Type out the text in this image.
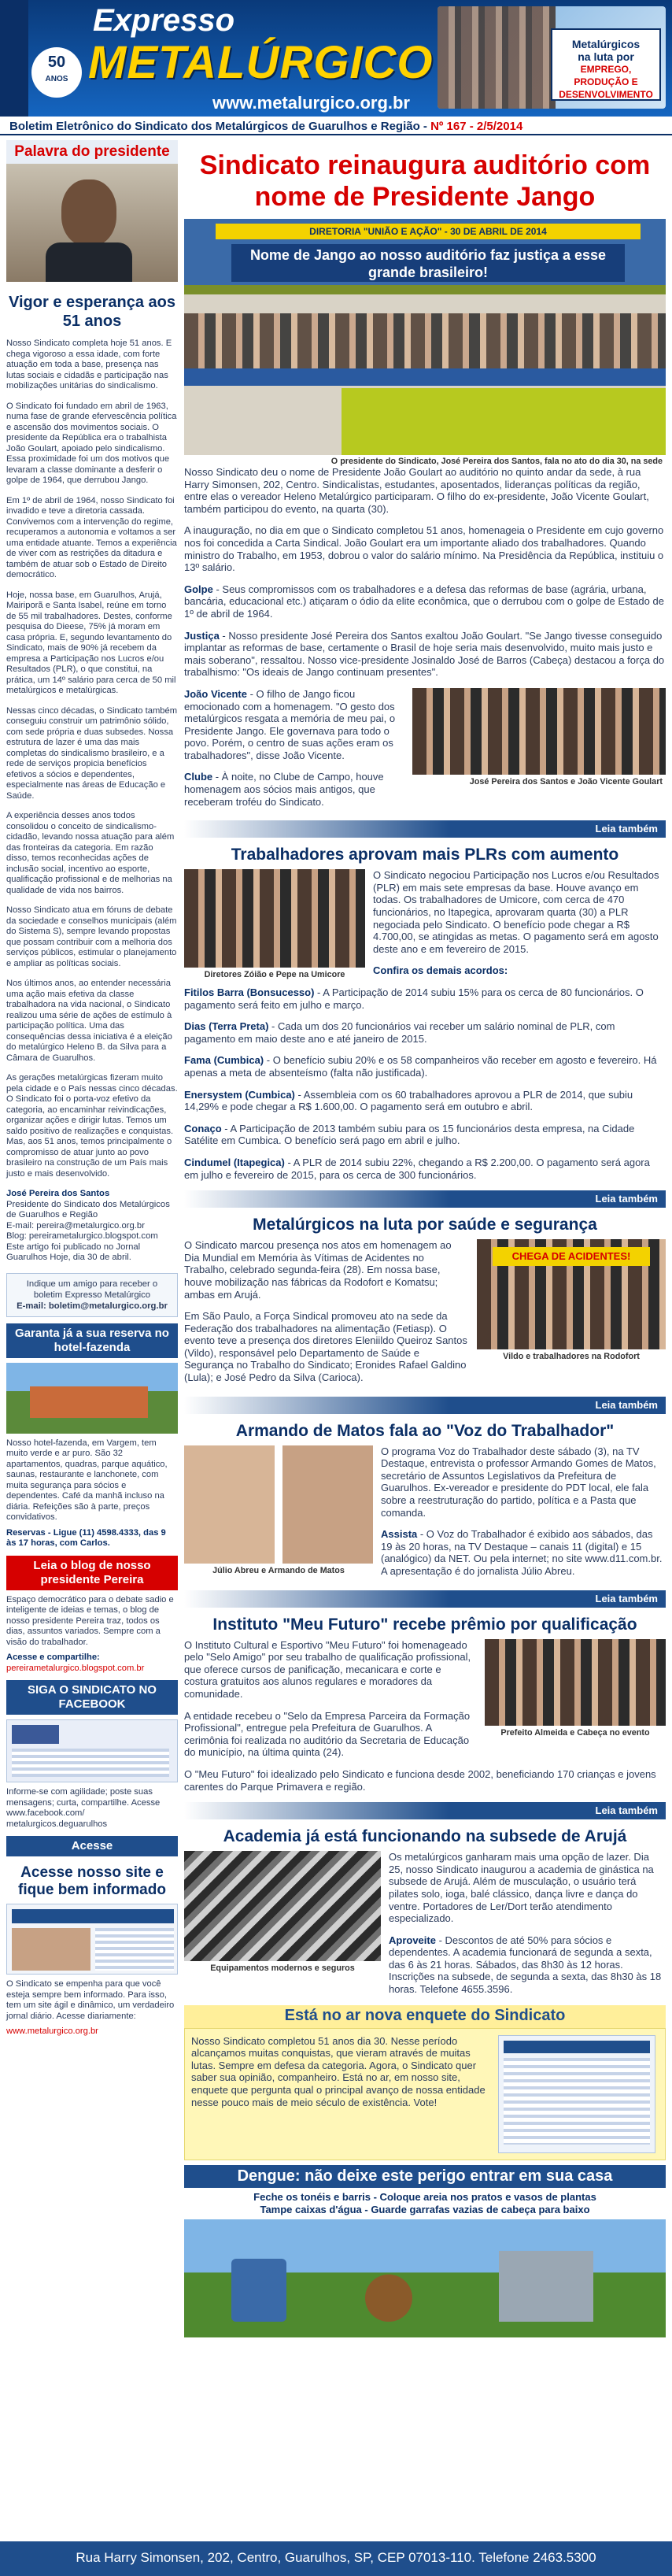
50
ANOS
Expresso
METALÚRGICO
www.metalurgico.org.br
Metalúrgicos
na luta por
EMPREGO, PRODUÇÃO E DESENVOLVIMENTO
Boletim Eletrônico do Sindicato dos Metalúrgicos de Guarulhos e Região - Nº 167 - 2/5/2014
Palavra do presidente
Vigor e esperança aos 51 anos

Nosso Sindicato completa hoje 51 anos. E chega vigoroso a essa idade, com forte atuação em toda a base, presença nas lutas sociais e cidadãs e participação nas mobilizações unitárias do sindicalismo.

O Sindicato foi fundado em abril de 1963, numa fase de grande efervescência política e ascensão dos movimentos sociais. O presidente da República era o trabalhista João Goulart, apoiado pelo sindicalismo. Essa proximidade foi um dos motivos que levaram a classe dominante a desferir o golpe de 1964, que derrubou Jango.

Em 1º de abril de 1964, nosso Sindicato foi invadido e teve a diretoria cassada. Convivemos com a intervenção do regime, recuperamos a autonomia e voltamos a ser uma entidade atuante. Temos a experiência de viver com as restrições da ditadura e também de atuar sob o Estado de Direito democrático.

Hoje, nossa base, em Guarulhos, Arujá, Mairiporã e Santa Isabel, reúne em torno de 55 mil trabalhadores. Destes, conforme pesquisa do Dieese, 75% já moram em casa própria. E, segundo levantamento do Sindicato, mais de 90% já recebem da empresa a Participação nos Lucros e/ou Resultados (PLR), o que constitui, na prática, um 14º salário para cerca de 50 mil metalúrgicos e metalúrgicas.

Nessas cinco décadas, o Sindicato também conseguiu construir um patrimônio sólido, com sede própria e duas subsedes. Nossa estrutura de lazer é uma das mais completas do sindicalismo brasileiro, e a rede de serviços propicia benefícios efetivos a sócios e dependentes, especialmente nas áreas de Educação e Saúde.

A experiência desses anos todos consolidou o conceito de sindicalismo-cidadão, levando nossa atuação para além das fronteiras da categoria. Em razão disso, temos reconhecidas ações de inclusão social, incentivo ao esporte, qualificação profissional e de melhorias na qualidade de vida nos bairros.

Nosso Sindicato atua em fóruns de debate da sociedade e conselhos municipais (além do Sistema S), sempre levando propostas que possam contribuir com a melhoria dos serviços públicos, estimular o planejamento e ampliar as políticas sociais.

Nos últimos anos, ao entender necessária uma ação mais efetiva da classe trabalhadora na vida nacional, o Sindicato realizou uma série de ações de estímulo à participação política. Uma das consequências dessa iniciativa é a eleição do metalúrgico Heleno B. da Silva para a Câmara de Guarulhos.

As gerações metalúrgicas fizeram muito pela cidade e o País nessas cinco décadas. O Sindicato foi o porta-voz efetivo da categoria, ao encaminhar reivindicações, organizar ações e dirigir lutas. Temos um saldo positivo de realizações e conquistas. Mas, aos 51 anos, temos principalmente o compromisso de atuar junto ao povo brasileiro na construção de um País mais justo e mais desenvolvido.

José Pereira dos Santos
Presidente do Sindicato dos Metalúrgicos de Guarulhos e Região
E-mail: pereira@metalurgico.org.br
Blog: pereirametalurgico.blogspot.com
Este artigo foi publicado no Jornal Guarulhos Hoje, dia 30 de abril.
Indique um amigo para receber o boletim Expresso Metalúrgico
E-mail: boletim@metalurgico.org.br
Garanta já a sua reserva no hotel-fazenda

Nosso hotel-fazenda, em Vargem, tem muito verde e ar puro. São 32 apartamentos, quadras, parque aquático, saunas, restaurante e lanchonete, com muita segurança para sócios e dependentes. Café da manhã incluso na diária. Refeições são à parte, preços convidativos.

Reservas - Ligue (11) 4598.4333, das 9 às 17 horas, com Carlos.

Leia o blog de nosso presidente Pereira

Espaço democrático para o debate sadio e inteligente de ideias e temas, o blog de nosso presidente Pereira traz, todos os dias, assuntos variados. Sempre com a visão do trabalhador.

Acesse e compartilhe:
pereirametalurgico.blogspot.com.br

SIGA O SINDICATO NO FACEBOOK
Informe-se com agilidade; poste suas mensagens; curta, compartilhe. Acesse www.facebook.com/ metalurgicos.deguarulhos
Acesse
Acesse nosso site e fique bem informado

O Sindicato se empenha para que você esteja sempre bem informado. Para isso, tem um site ágil e dinâmico, um verdadeiro jornal diário. Acesse diariamente:

www.metalurgico.org.br

Sindicato reinaugura auditório com nome de Presidente Jango
DIRETORIA "UNIÃO E AÇÃO" - 30 DE ABRIL DE 2014
Nome de Jango ao nosso auditório faz justiça a esse grande brasileiro!
O presidente do Sindicato, José Pereira dos Santos, fala no ato do dia 30, na sede

Nosso Sindicato deu o nome de Presidente João Goulart ao auditório no quinto andar da sede, à rua Harry Simonsen, 202, Centro. Sindicalistas, estudantes, aposentados, lideranças políticas da região, entre elas o vereador Heleno Metalúrgico participaram. O filho do ex-presidente, João Vicente Goulart, também participou do evento, na quarta (30).

A inauguração, no dia em que o Sindicato completou 51 anos, homenageia o Presidente em cujo governo nos foi concedida a Carta Sindical. João Goulart era um importante aliado dos trabalhadores. Quando ministro do Trabalho, em 1953, dobrou o valor do salário mínimo. Na Presidência da República, instituiu o 13º salário.

Golpe - Seus compromissos com os trabalhadores e a defesa das reformas de base (agrária, urbana, bancária, educacional etc.) atiçaram o ódio da elite econômica, que o derrubou com o golpe de Estado de 1º de abril de 1964.

Justiça - Nosso presidente José Pereira dos Santos exaltou João Goulart. "Se Jango tivesse conseguido implantar as reformas de base, certamente o Brasil de hoje seria mais desenvolvido, muito mais justo e mais soberano", ressaltou. Nosso vice-presidente Josinaldo José de Barros (Cabeça) destacou a força do trabalhismo: "Os ideais de Jango continuam presentes".

João Vicente - O filho de Jango ficou emocionado com a homenagem. "O gesto dos metalúrgicos resgata a memória de meu pai, o Presidente Jango. Ele governava para todo o povo. Porém, o centro de suas ações eram os trabalhadores", disse João Vicente.

Clube - À noite, no Clube de Campo, houve homenagem aos sócios mais antigos, que receberam troféu do Sindicato.

José Pereira dos Santos e João Vicente Goulart
Leia também
Trabalhadores aprovam mais PLRs com aumento
Diretores Zóião e Pepe na Umicore

O Sindicato negociou Participação nos Lucros e/ou Resultados (PLR) em mais sete empresas da base. Houve avanço em todas. Os trabalhadores de Umicore, com cerca de 470 funcionários, no Itapegica, aprovaram quarta (30) a PLR negociada pelo Sindicato. O benefício pode chegar a R$ 4.700,00, se atingidas as metas. O pagamento será em agosto deste ano e em fevereiro de 2015.

Confira os demais acordos:

Fitilos Barra (Bonsucesso) - A Participação de 2014 subiu 15% para os cerca de 80 funcionários. O pagamento será feito em julho e março.

Dias (Terra Preta) - Cada um dos 20 funcionários vai receber um salário nominal de PLR, com pagamento em maio deste ano e até janeiro de 2015.

Fama (Cumbica) - O benefício subiu 20% e os 58 companheiros vão receber em agosto e fevereiro. Há apenas a meta de absenteísmo (falta não justificada).

Enersystem (Cumbica) - Assembleia com os 60 trabalhadores aprovou a PLR de 2014, que subiu 14,29% e pode chegar a R$ 1.600,00. O pagamento será em outubro e abril.

Conaço - A Participação de 2013 também subiu para os 15 funcionários desta empresa, na Cidade Satélite em Cumbica. O benefício será pago em abril e julho.

Cindumel (Itapegica) - A PLR de 2014 subiu 22%, chegando a R$ 2.200,00. O pagamento será agora em julho e fevereiro de 2015, para os cerca de 300 funcionários.

Leia também
Metalúrgicos na luta por saúde e segurança

O Sindicato marcou presença nos atos em homenagem ao Dia Mundial em Memória às Vítimas de Acidentes no Trabalho, celebrado segunda-feira (28). Em nossa base, houve mobilização nas fábricas da Rodofort e Komatsu; ambas em Arujá.

Em São Paulo, a Força Sindical promoveu ato na sede da Federação dos trabalhadores na alimentação (Fetiasp). O evento teve a presença dos diretores Eleniildo Queiroz Santos (Vildo), responsável pelo Departamento de Saúde e Segurança no Trabalho do Sindicato; Eronides Rafael Galdino (Lula); e José Pedro da Silva (Carioca).

CHEGA DE ACIDENTES!
Vildo e trabalhadores na Rodofort
Leia também
Armando de Matos fala ao "Voz do Trabalhador"
Júlio Abreu e Armando de Matos

O programa Voz do Trabalhador deste sábado (3), na TV Destaque, entrevista o professor Armando Gomes de Matos, secretário de Assuntos Legislativos da Prefeitura de Guarulhos. Ex-vereador e presidente do PDT local, ele fala sobre a reestruturação do partido, política e a Pasta que comanda.

Assista - O Voz do Trabalhador é exibido aos sábados, das 19 às 20 horas, na TV Destaque – canais 11 (digital) e 15 (analógico) da NET. Ou pela internet; no site www.d11.com.br. A apresentação é do jornalista Júlio Abreu.

Leia também
Instituto "Meu Futuro" recebe prêmio por qualificação

O Instituto Cultural e Esportivo "Meu Futuro" foi homenageado pelo "Selo Amigo" por seu trabalho de qualificação profissional, que oferece cursos de panificação, mecanicara e corte e costura gratuitos aos alunos regulares e moradores da comunidade.

A entidade recebeu o "Selo da Empresa Parceira da Formação Profissional", entregue pela Prefeitura de Guarulhos. A cerimônia foi realizada no auditório da Secretaria de Educação do município, na última quinta (24).

Prefeito Almeida e Cabeça no evento

O "Meu Futuro" foi idealizado pelo Sindicato e funciona desde 2002, beneficiando 170 crianças e jovens carentes do Parque Primavera e região.

Leia também
Academia já está funcionando na subsede de Arujá
Equipamentos modernos e seguros

Os metalúrgicos ganharam mais uma opção de lazer. Dia 25, nosso Sindicato inaugurou a academia de ginástica na subsede de Arujá. Além de musculação, o usuário terá pilates solo, ioga, balé clássico, dança livre e dança do ventre. Portadores de Ler/Dort terão atendimento especializado.

Aproveite - Descontos de até 50% para sócios e dependentes. A academia funcionará de segunda a sexta, das 6 às 21 horas. Sábados, das 8h30 às 12 horas. Inscrições na subsede, de segunda a sexta, das 8h30 às 18 horas. Telefone 4655.3596.

Está no ar nova enquete do Sindicato
Nosso Sindicato completou 51 anos dia 30. Nesse período alcançamos muitas conquistas, que vieram através de muitas lutas. Sempre em defesa da categoria. Agora, o Sindicato quer saber sua opinião, companheiro. Está no ar, em nosso site, enquete que pergunta qual o principal avanço de nossa entidade nesse pouco mais de meio século de existência. Vote!
Dengue: não deixe este perigo entrar em sua casa
Feche os tonéis e barris - Coloque areia nos pratos e vasos de plantas
Tampe caixas d'água - Guarde garrafas vazias de cabeça para baixo
Rua Harry Simonsen, 202, Centro, Guarulhos, SP, CEP 07013-110. Telefone 2463.5300
